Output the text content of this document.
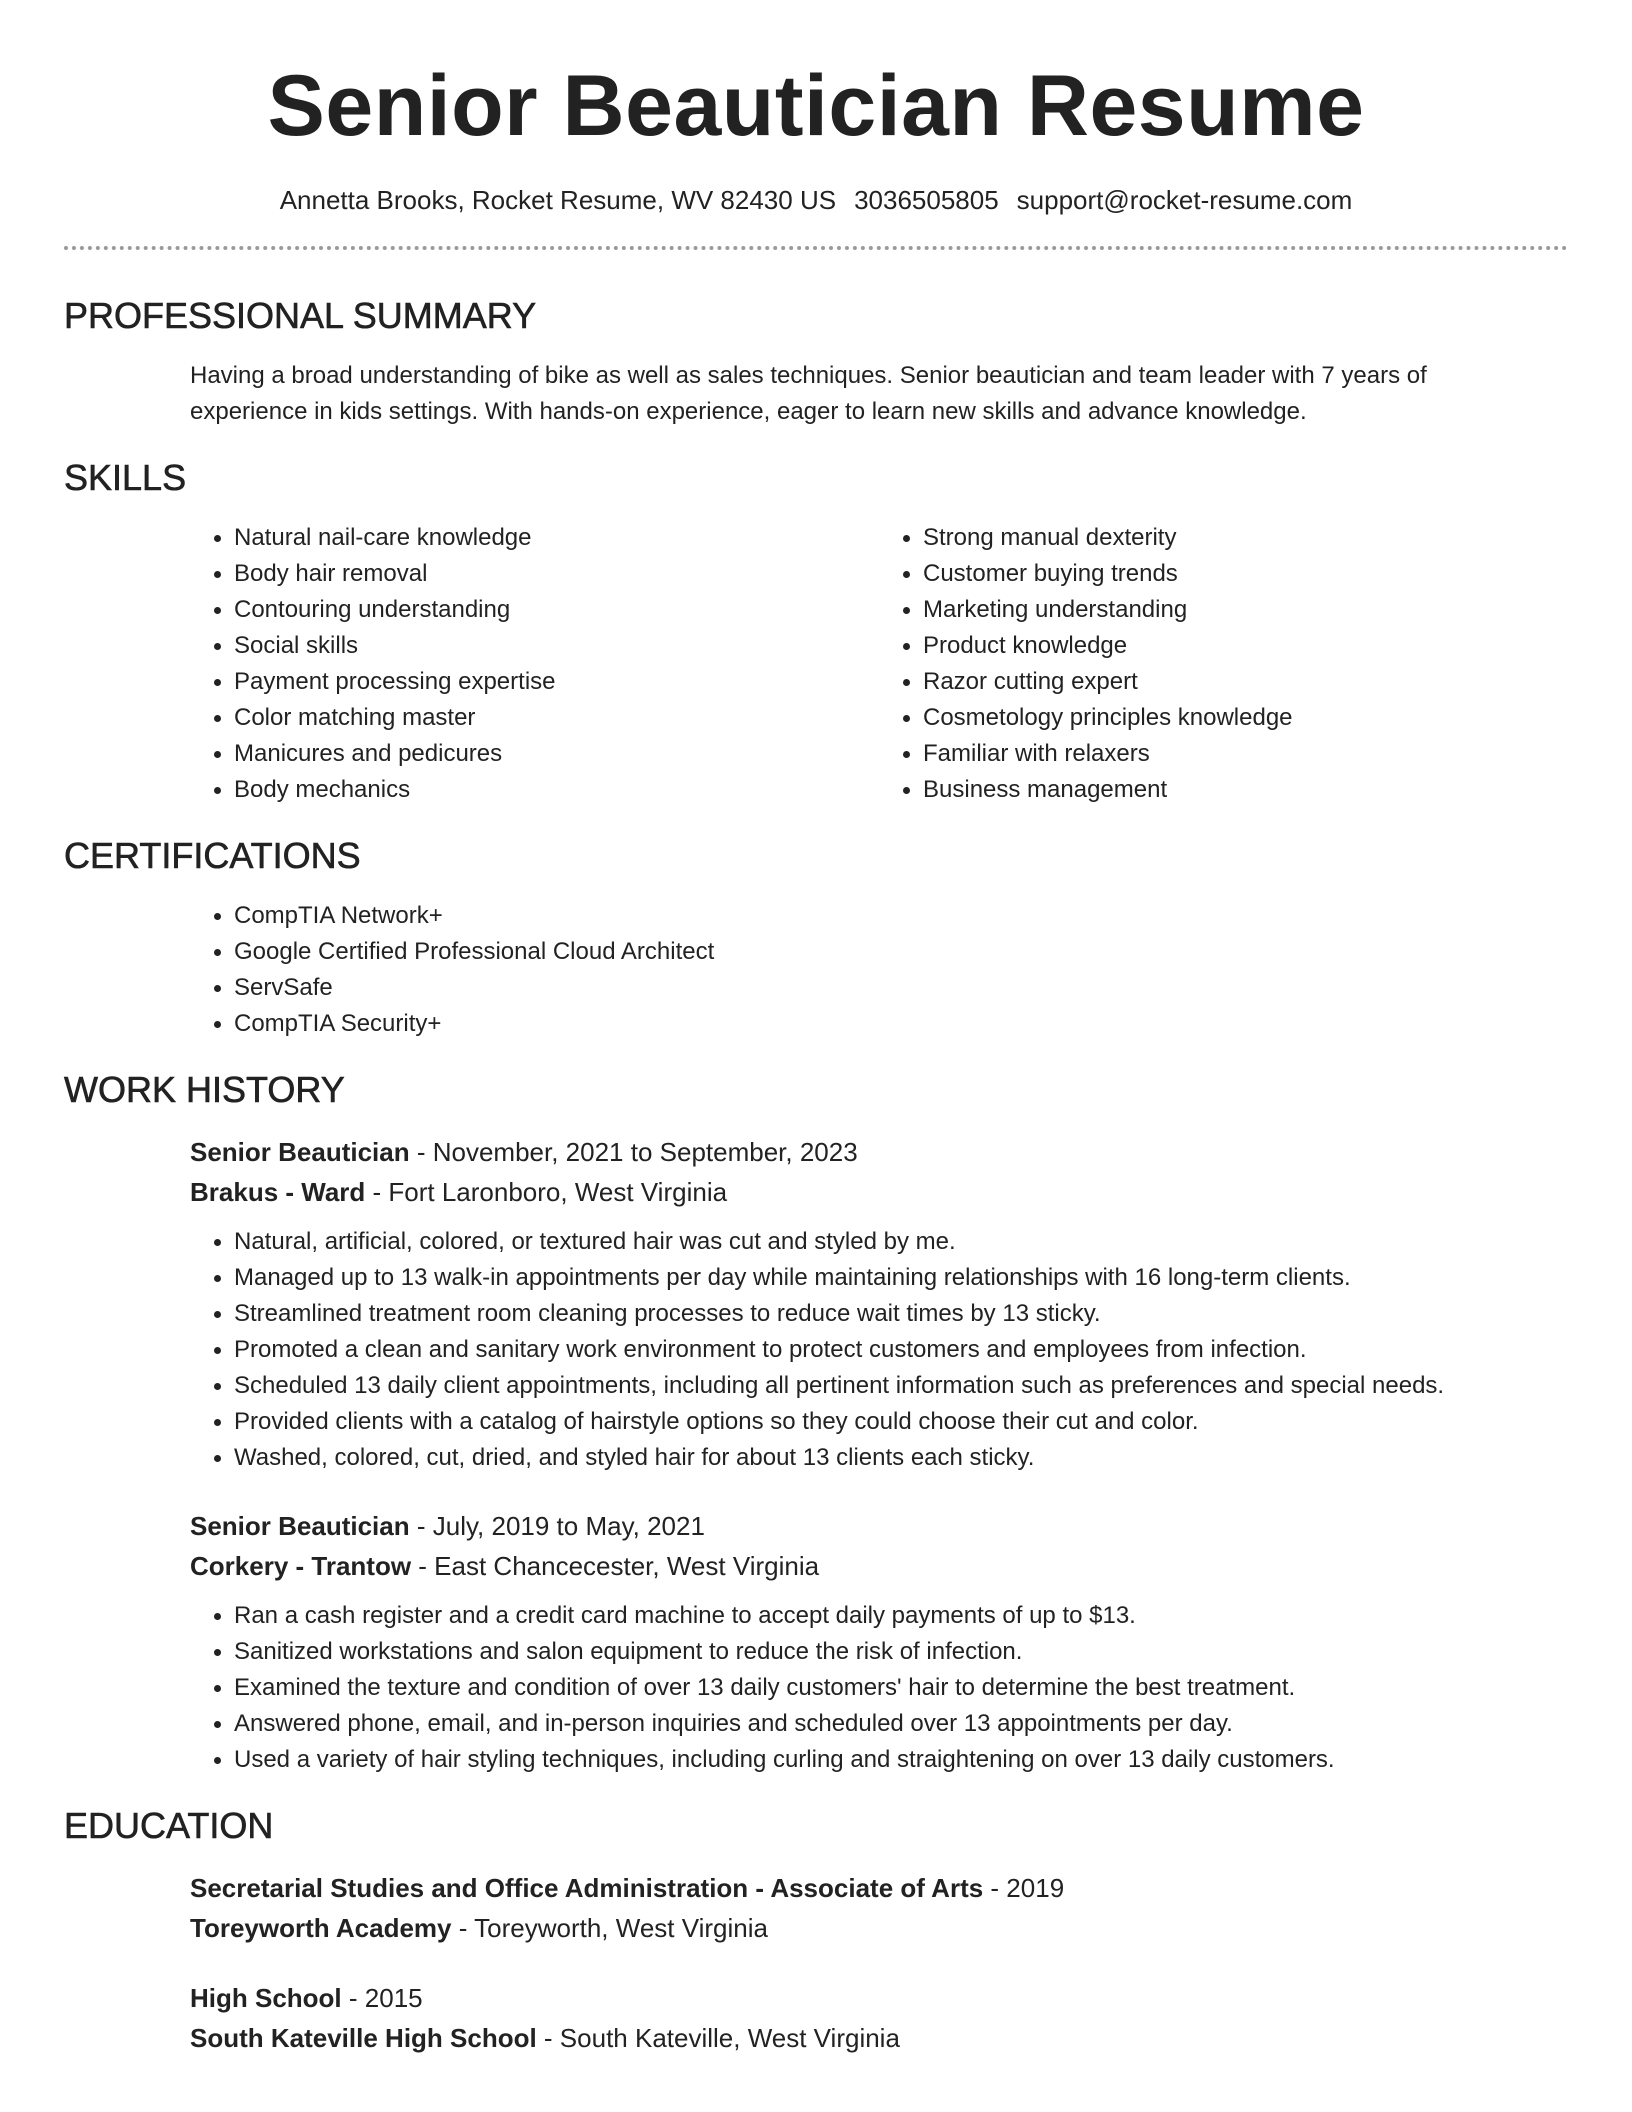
Senior Beautician Resume
Annetta Brooks, Rocket Resume, WV 82430 US 3036505805 support@rocket-resume.com
PROFESSIONAL SUMMARY

Having a broad understanding of bike as well as sales techniques. Senior beautician and team leader with 7 years of experience in kids settings. With hands-on experience, eager to learn new skills and advance knowledge.

SKILLS
• Natural nail-care knowledge
• Body hair removal
• Contouring understanding
• Social skills
• Payment processing expertise
• Color matching master
• Manicures and pedicures
• Body mechanics
• Strong manual dexterity
• Customer buying trends
• Marketing understanding
• Product knowledge
• Razor cutting expert
• Cosmetology principles knowledge
• Familiar with relaxers
• Business management
CERTIFICATIONS
• CompTIA Network+
• Google Certified Professional Cloud Architect
• ServSafe
• CompTIA Security+
WORK HISTORY
Senior Beautician - November, 2021 to September, 2023
Brakus - Ward - Fort Laronboro, West Virginia
• Natural, artificial, colored, or textured hair was cut and styled by me.
• Managed up to 13 walk-in appointments per day while maintaining relationships with 16 long-term clients.
• Streamlined treatment room cleaning processes to reduce wait times by 13 sticky.
• Promoted a clean and sanitary work environment to protect customers and employees from infection.
• Scheduled 13 daily client appointments, including all pertinent information such as preferences and special needs.
• Provided clients with a catalog of hairstyle options so they could choose their cut and color.
• Washed, colored, cut, dried, and styled hair for about 13 clients each sticky.
Senior Beautician - July, 2019 to May, 2021
Corkery - Trantow - East Chancecester, West Virginia
• Ran a cash register and a credit card machine to accept daily payments of up to $13.
• Sanitized workstations and salon equipment to reduce the risk of infection.
• Examined the texture and condition of over 13 daily customers' hair to determine the best treatment.
• Answered phone, email, and in-person inquiries and scheduled over 13 appointments per day.
• Used a variety of hair styling techniques, including curling and straightening on over 13 daily customers.
EDUCATION
Secretarial Studies and Office Administration - Associate of Arts - 2019
Toreyworth Academy - Toreyworth, West Virginia
High School - 2015
South Kateville High School - South Kateville, West Virginia
